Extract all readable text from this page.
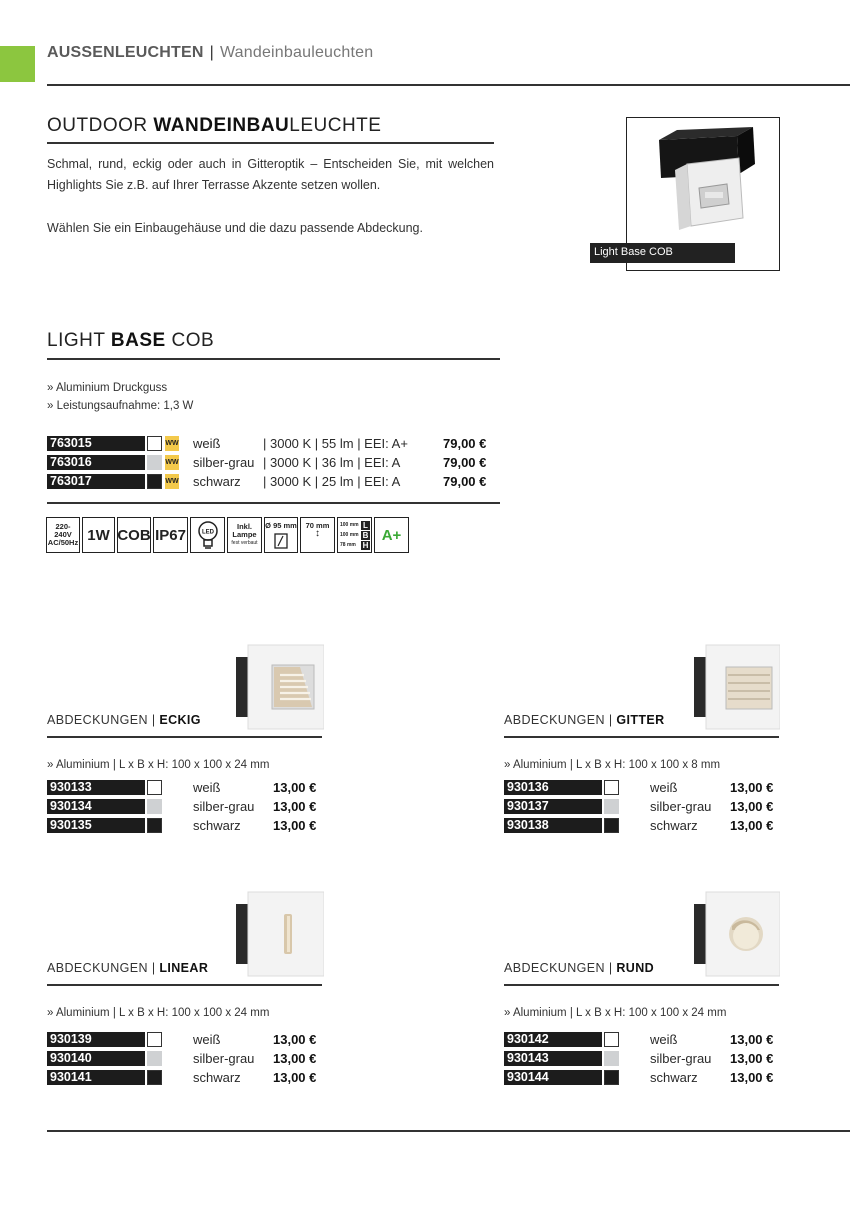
AUSSENLEUCHTEN | Wandeinbauleuchten
OUTDOOR WANDEINBAULEUCHTE

Schmal, rund, eckig oder auch in Gitteroptik – Entscheiden Sie, mit welchen Highlights Sie z.B. auf Ihrer Terrasse Akzente setzen wollen.

Wählen Sie ein Einbaugehäuse und die dazu passende Abdeckung.

Light Base COB
LIGHT BASE COB
» Aluminium Druckguss
» Leistungsaufnahme: 1,3 W
763015	WW weiß	| 3000 K | 55 lm | EEI: A+	79,00 €
763016	WW silber-grau | 3000 K | 36 lm | EEI: A	79,00 €
763017	WW schwarz | 3000 K | 25 lm | EEI: A	79,00 €
220-240V
AC/50Hz 1W COB IP67	LED
Inkl.
Lampe
fest verbaut
Ø 95 mm 70 mm
↕
100 mm L
100 mm B
78 mm H
A+
ABDECKUNGEN | ECKIG
» Aluminium | L x B x H: 100 x 100 x 24 mm
930133	weiß	13,00 €
930134	silber-grau 13,00 €
930135	schwarz 13,00 €
ABDECKUNGEN | GITTER
» Aluminium | L x B x H: 100 x 100 x 8 mm
930136	weiß	13,00 €
930137	silber-grau 13,00 €
930138	schwarz 13,00 €
ABDECKUNGEN | LINEAR
» Aluminium | L x B x H: 100 x 100 x 24 mm
930139	weiß	13,00 €
930140	silber-grau 13,00 €
930141	schwarz 13,00 €
ABDECKUNGEN | RUND
» Aluminium | L x B x H: 100 x 100 x 24 mm
930142	weiß	13,00 €
930143	silber-grau 13,00 €
930144	schwarz 13,00 €
